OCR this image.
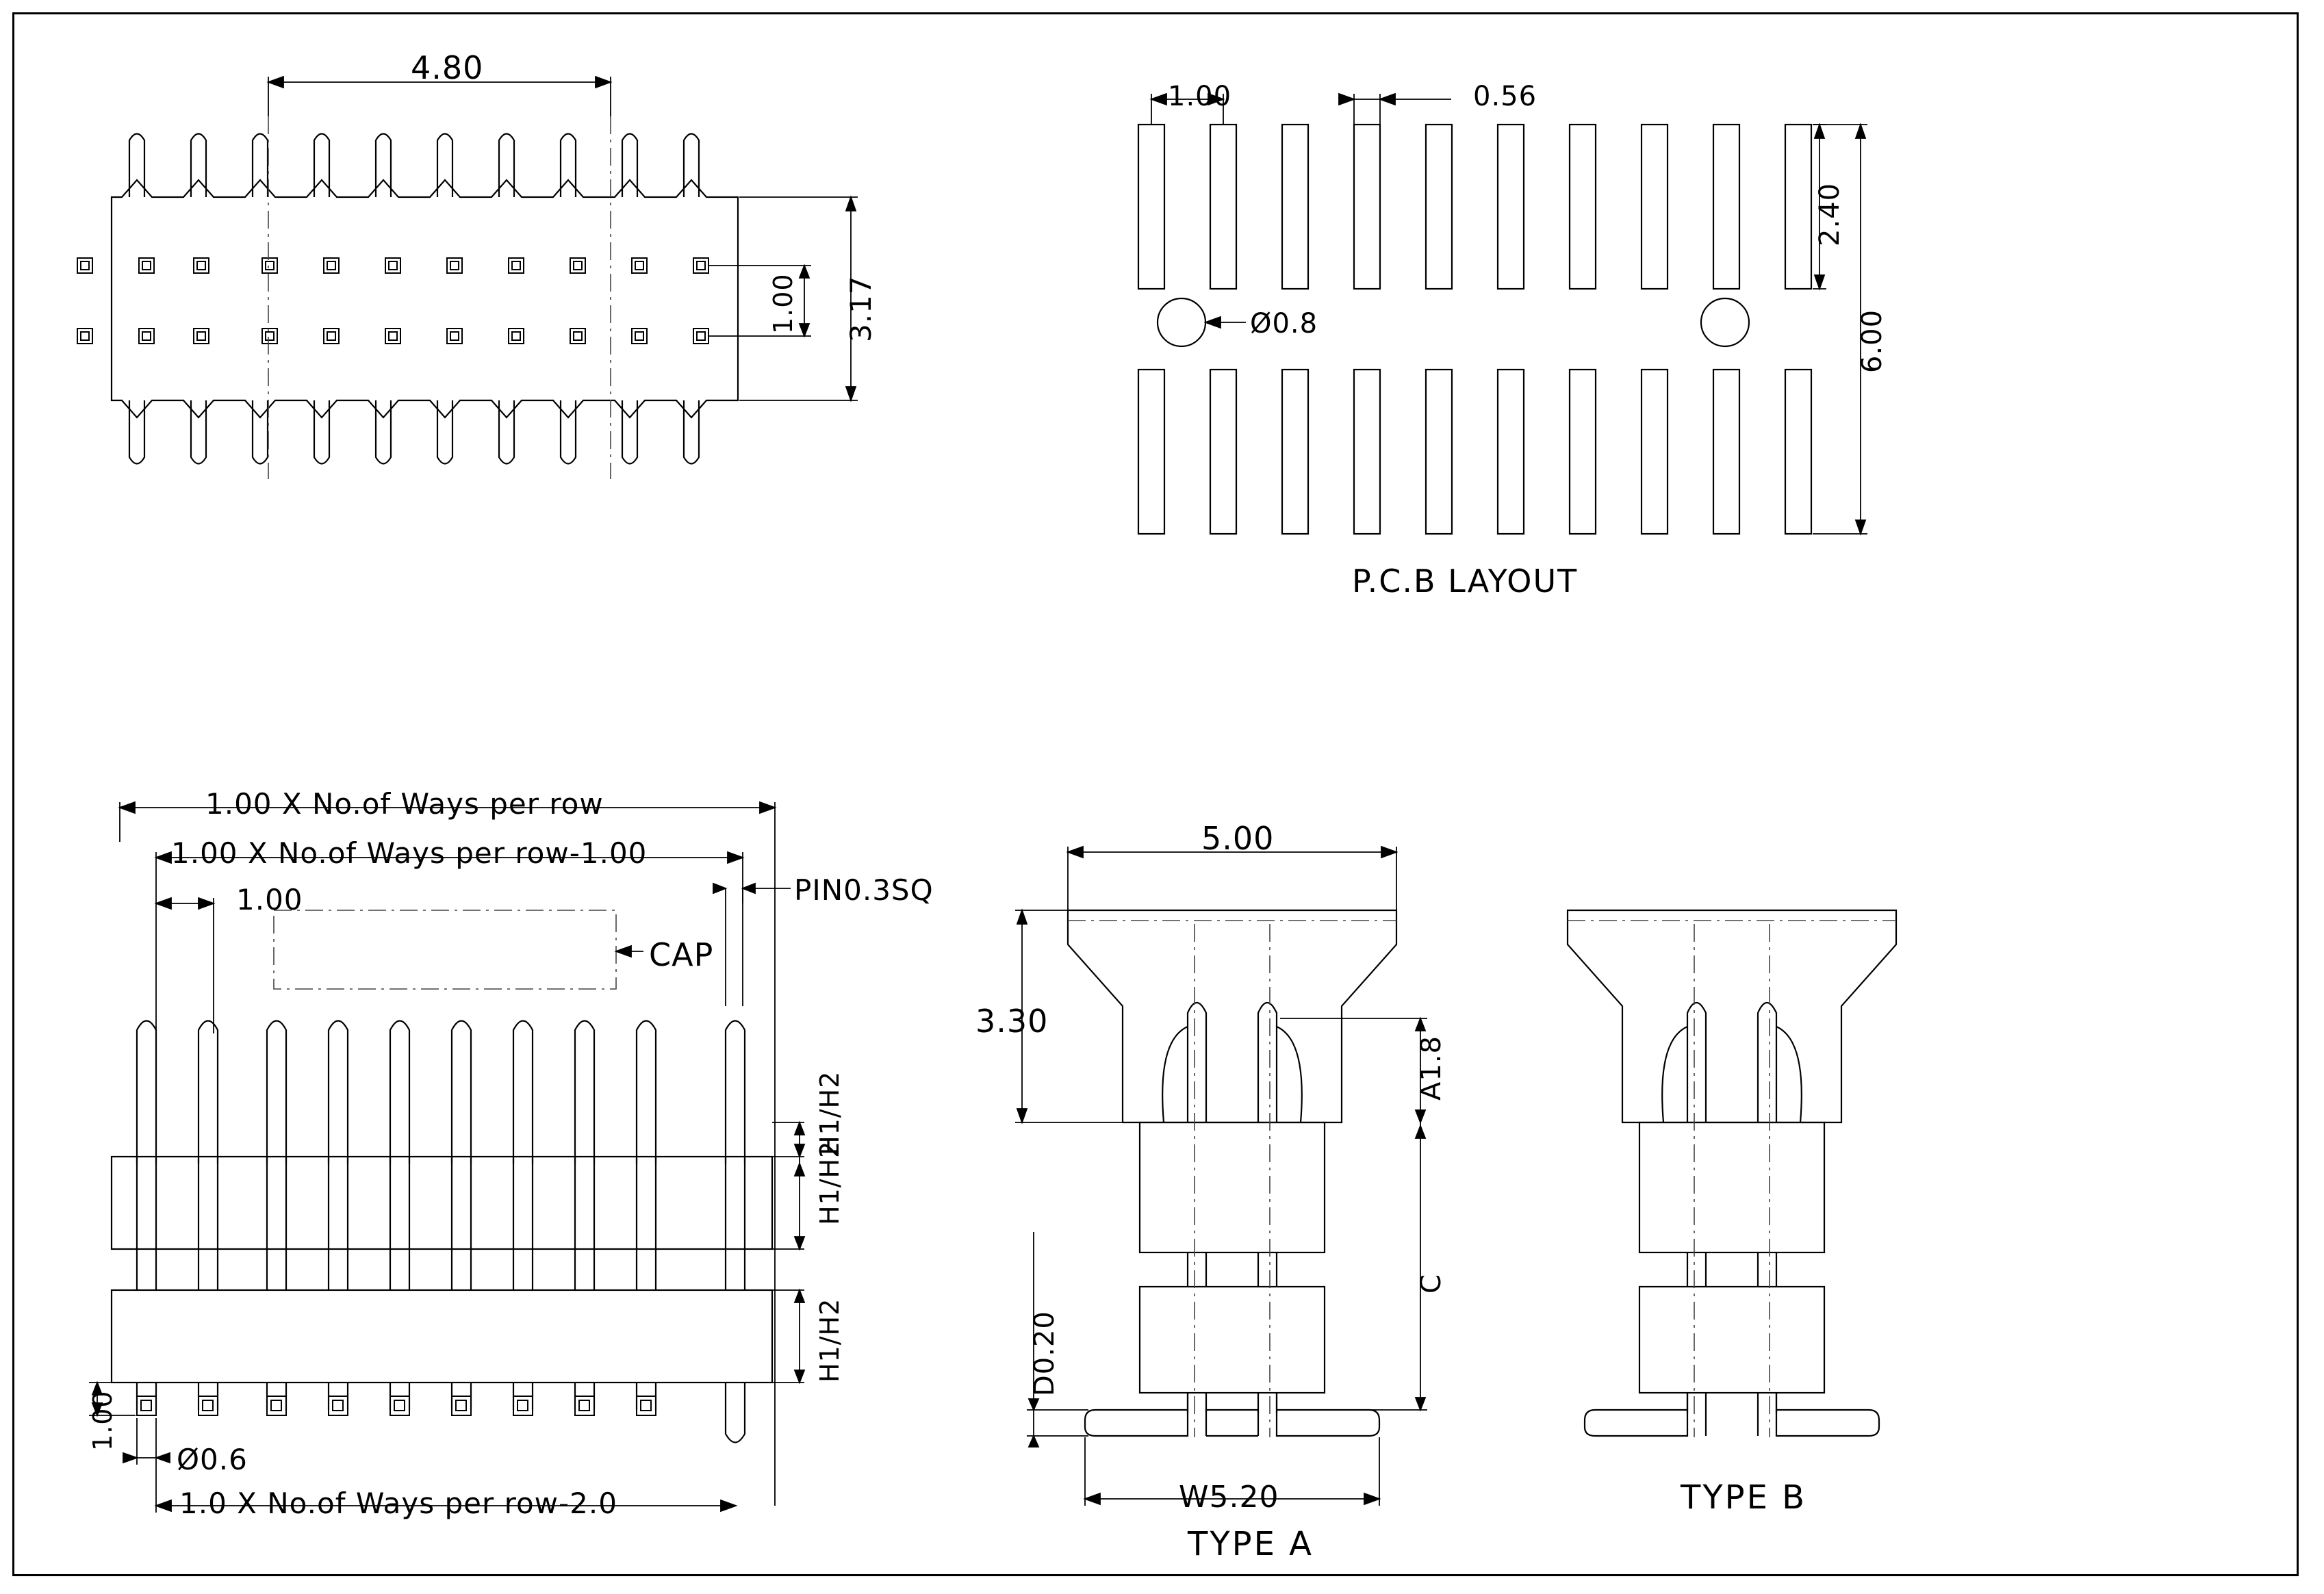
4.80
1.00 3.17
1.00	0.56
2.40
6.00
Ø0.8
P.C.B LAYOUT
1.00 X No.of Ways per row
1.00 X No.of Ways per row-1.00
1.00
CAP
PIN0.3SQ
H1/H2
H1/H2
H1/H2
1.00
Ø0.6
1.0 X No.of Ways per row-2.0
5.00
3.30
A1.8
C
D0.20
W5.20
TYPE A
TYPE B
